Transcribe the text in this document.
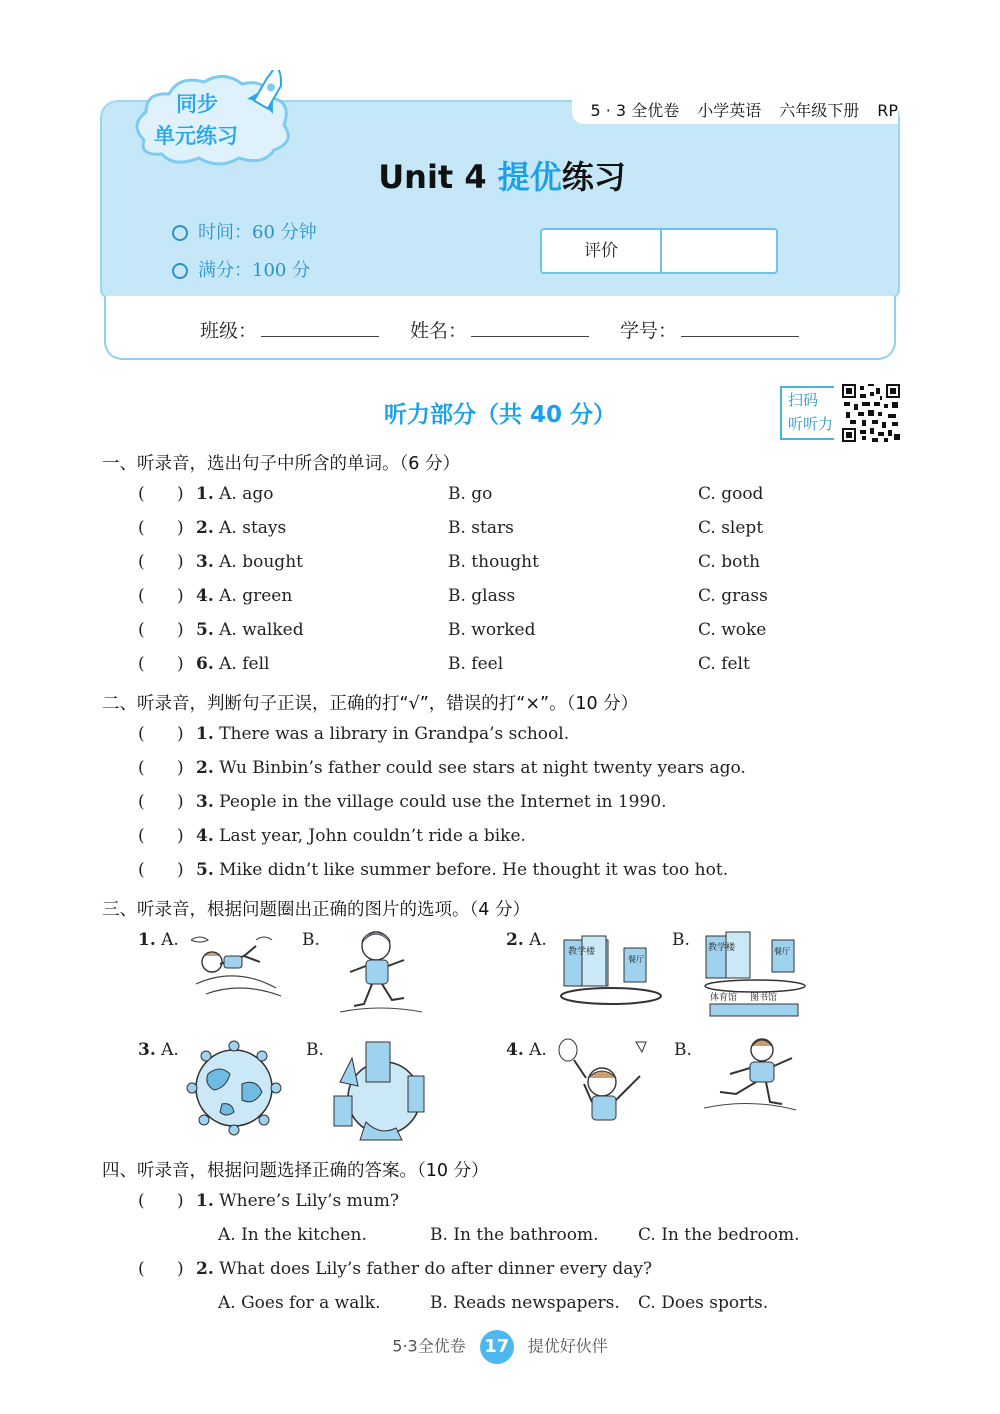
5 · 3 全优卷 小学英语 六年级下册 RP
Unit 4 提优练习
时间：60 分钟
满分：100 分
评价
班级：	姓名：	学号：
同步
单元练习
听力部分（共 40 分）
扫码
听听力
一、听录音，选出句子中所含的单词。（6 分）
(      ) 1. A. ago	B. go	C. good
(      ) 2. A. stays	B. stars	C. slept
(      ) 3. A. bought	B. thought	C. both
(      ) 4. A. green	B. glass	C. grass
(      ) 5. A. walked	B. worked	C. woke
(      ) 6. A. fell	B. feel	C. felt
二、听录音，判断句子正误，正确的打“√”，错误的打“×”。（10 分）
(      ) 1. There was a library in Grandpa’s school.
(      ) 2. Wu Binbin’s father could see stars at night twenty years ago.
(      ) 3. People in the village could use the Internet in 1990.
(      ) 4. Last year, John couldn’t ride a bike.
(      ) 5. Mike didn’t like summer before. He thought it was too hot.
三、听录音，根据问题圈出正确的图片的选项。（4 分）
1. A.	B.	2. A.
教学楼
餐厅
B. 教学楼	餐厅
体育馆 图书馆
3. A.	B.	4. A.	B.
四、听录音，根据问题选择正确的答案。（10 分）
(      ) 1. Where’s Lily’s mum?
A. In the kitchen.	B. In the bathroom. C. In the bedroom.
(      ) 2. What does Lily’s father do after dinner every day?
A. Goes for a walk.	B. Reads newspapers. C. Does sports.
5·3全优卷 17 提优好伙伴
